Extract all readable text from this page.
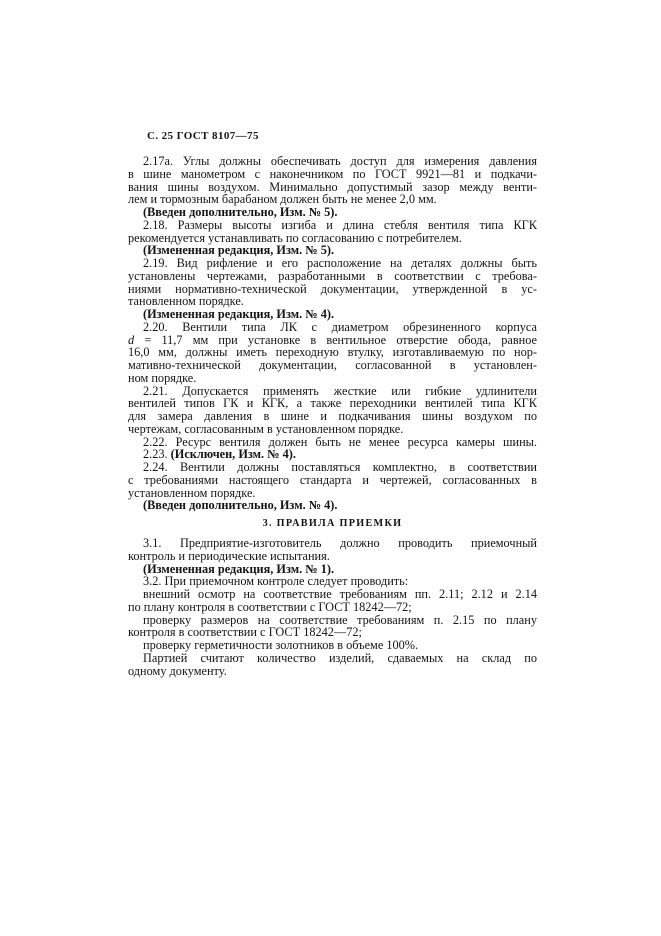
С. 25 ГОСТ 8107—75
2.17а. Углы должны обеспечивать доступ для измерения давления
в шине манометром с наконечником по ГОСТ 9921—81 и подкачи-
вания шины воздухом. Минимально допустимый зазор между венти-
лем и тормозным барабаном должен быть не менее 2,0 мм.
(Введен дополнительно, Изм. № 5).
2.18. Размеры высоты изгиба и длина стебля вентиля типа КГК
рекомендуется устанавливать по согласованию с потребителем.
(Измененная редакция, Изм. № 5).
2.19. Вид рифление и его расположение на деталях должны быть
установлены чертежами, разработанными в соответствии с требова-
ниями нормативно-технической документации, утвержденной в ус-
тановленном порядке.
(Измененная редакция, Изм. № 4).
2.20. Вентили типа ЛК с диаметром обрезиненного корпуса
d = 11,7 мм при установке в вентильное отверстие обода, равное
16,0 мм, должны иметь переходную втулку, изготавливаемую по нор-
мативно-технической документации, согласованной в установлен-
ном порядке.
2.21. Допускается применять жесткие или гибкие удлинители
вентилей типов ГК и КГК, а также переходники вентилей типа КГК
для замера давления в шине и подкачивания шины воздухом по
чертежам, согласованным в установленном порядке.
2.22. Ресурс вентиля должен быть не менее ресурса камеры шины.
2.23. (Исключен, Изм. № 4).
2.24. Вентили должны поставляться комплектно, в соответствии
с требованиями настоящего стандарта и чертежей, согласованных в
установленном порядке.
(Введен дополнительно, Изм. № 4).
3. ПРАВИЛА ПРИЕМКИ
3.1. Предприятие-изготовитель должно проводить приемочный
контроль и периодические испытания.
(Измененная редакция, Изм. № 1).
3.2. При приемочном контроле следует проводить:
внешний осмотр на соответствие требованиям пп. 2.11; 2.12 и 2.14
по плану контроля в соответствии с ГОСТ 18242—72;
проверку размеров на соответствие требованиям п. 2.15 по плану
контроля в соответствии с ГОСТ 18242—72;
проверку герметичности золотников в объеме 100%.
Партией считают количество изделий, сдаваемых на склад по
одному документу.
